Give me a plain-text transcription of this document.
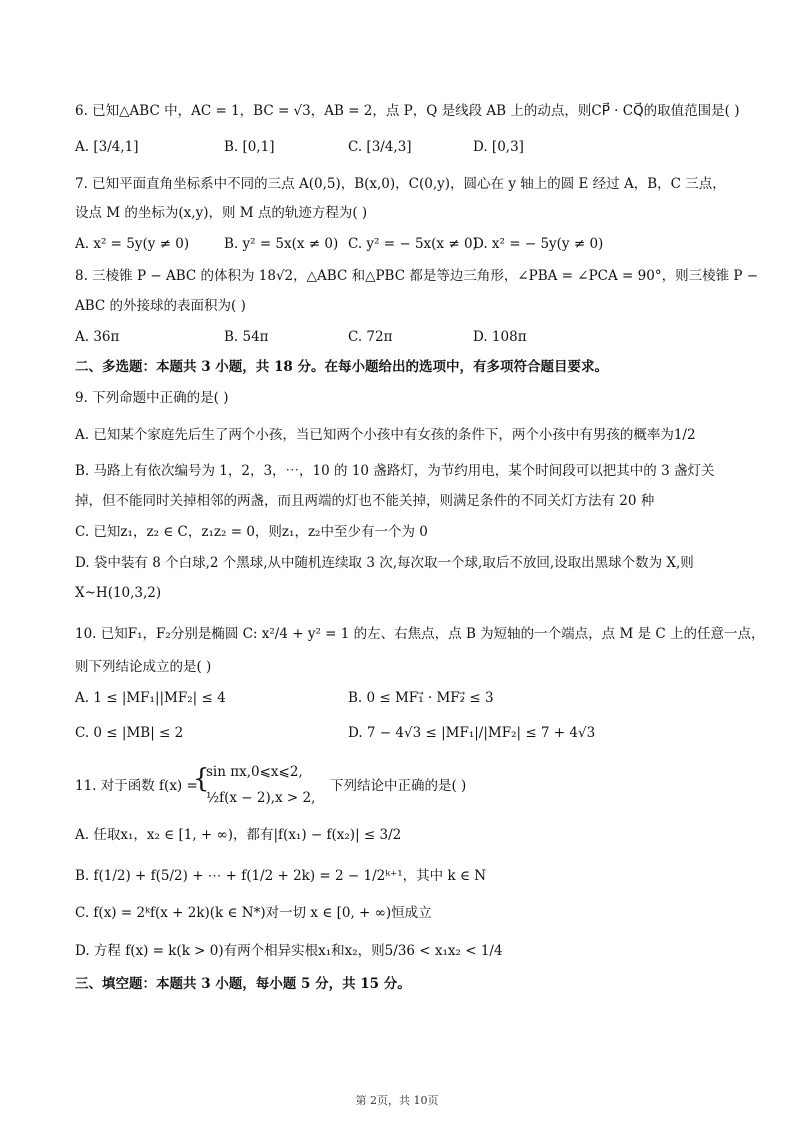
6. 已知△ABC 中，AC = 1，BC = √3，AB = 2，点 P，Q 是线段 AB 上的动点，则CP⃗ · CQ⃗的取值范围是( )
A. [3/4,1]	B. [0,1]	C. [3/4,3]	D. [0,3]
7. 已知平面直角坐标系中不同的三点 A(0,5)，B(x,0)，C(0,y)，圆心在 y 轴上的圆 E 经过 A，B，C 三点，
设点 M 的坐标为(x,y)，则 M 点的轨迹方程为( )
A. x² = 5y(y ≠ 0)	B. y² = 5x(x ≠ 0) C. y² = − 5x(x ≠ 0)
D. x² = − 5y(y ≠ 0)
8. 三棱锥 P − ABC 的体积为 18√2，△ABC 和△PBC 都是等边三角形，∠PBA = ∠PCA = 90°，则三棱锥 P −
ABC 的外接球的表面积为( )
A. 36π	B. 54π	C. 72π	D. 108π
二、多选题：本题共 3 小题，共 18 分。在每小题给出的选项中，有多项符合题目要求。
9. 下列命题中正确的是( )
A. 已知某个家庭先后生了两个小孩，当已知两个小孩中有女孩的条件下，两个小孩中有男孩的概率为1/2
B. 马路上有依次编号为 1，2，3，⋯，10 的 10 盏路灯，为节约用电，某个时间段可以把其中的 3 盏灯关
掉，但不能同时关掉相邻的两盏，而且两端的灯也不能关掉，则满足条件的不同关灯方法有 20 种
C. 已知z₁，z₂ ∈ C，z₁z₂ = 0，则z₁，z₂中至少有一个为 0
D. 袋中装有 8 个白球,2 个黑球,从中随机连续取 3 次,每次取一个球,取后不放回,设取出黑球个数为 X,则
X~H(10,3,2)
10. 已知F₁，F₂分别是椭圆 C: x²/4 + y² = 1 的左、右焦点，点 B 为短轴的一个端点，点 M 是 C 上的任意一点，
则下列结论成立的是( )
A. 1 ≤ |MF₁||MF₂| ≤ 4	B. 0 ≤ MF₁⃗ · MF₂⃗ ≤ 3
C. 0 ≤ |MB| ≤ 2	D. 7 − 4√3 ≤ |MF₁|/|MF₂| ≤ 7 + 4√3
11. 对于函数 f(x) =
{
sin πx,0⩽x⩽2,
½f(x − 2),x > 2,
下列结论中正确的是( )
A. 任取x₁，x₂ ∈ [1, + ∞)，都有|f(x₁) − f(x₂)| ≤ 3/2
B. f(1/2) + f(5/2) + ⋯ + f(1/2 + 2k) = 2 − 1/2ᵏ⁺¹，其中 k ∈ N
C. f(x) = 2ᵏf(x + 2k)(k ∈ N*)对一切 x ∈ [0, + ∞)恒成立
D. 方程 f(x) = k(k > 0)有两个相异实根x₁和x₂，则5/36 < x₁x₂ < 1/4
三、填空题：本题共 3 小题，每小题 5 分，共 15 分。
第 2页，共 10页
